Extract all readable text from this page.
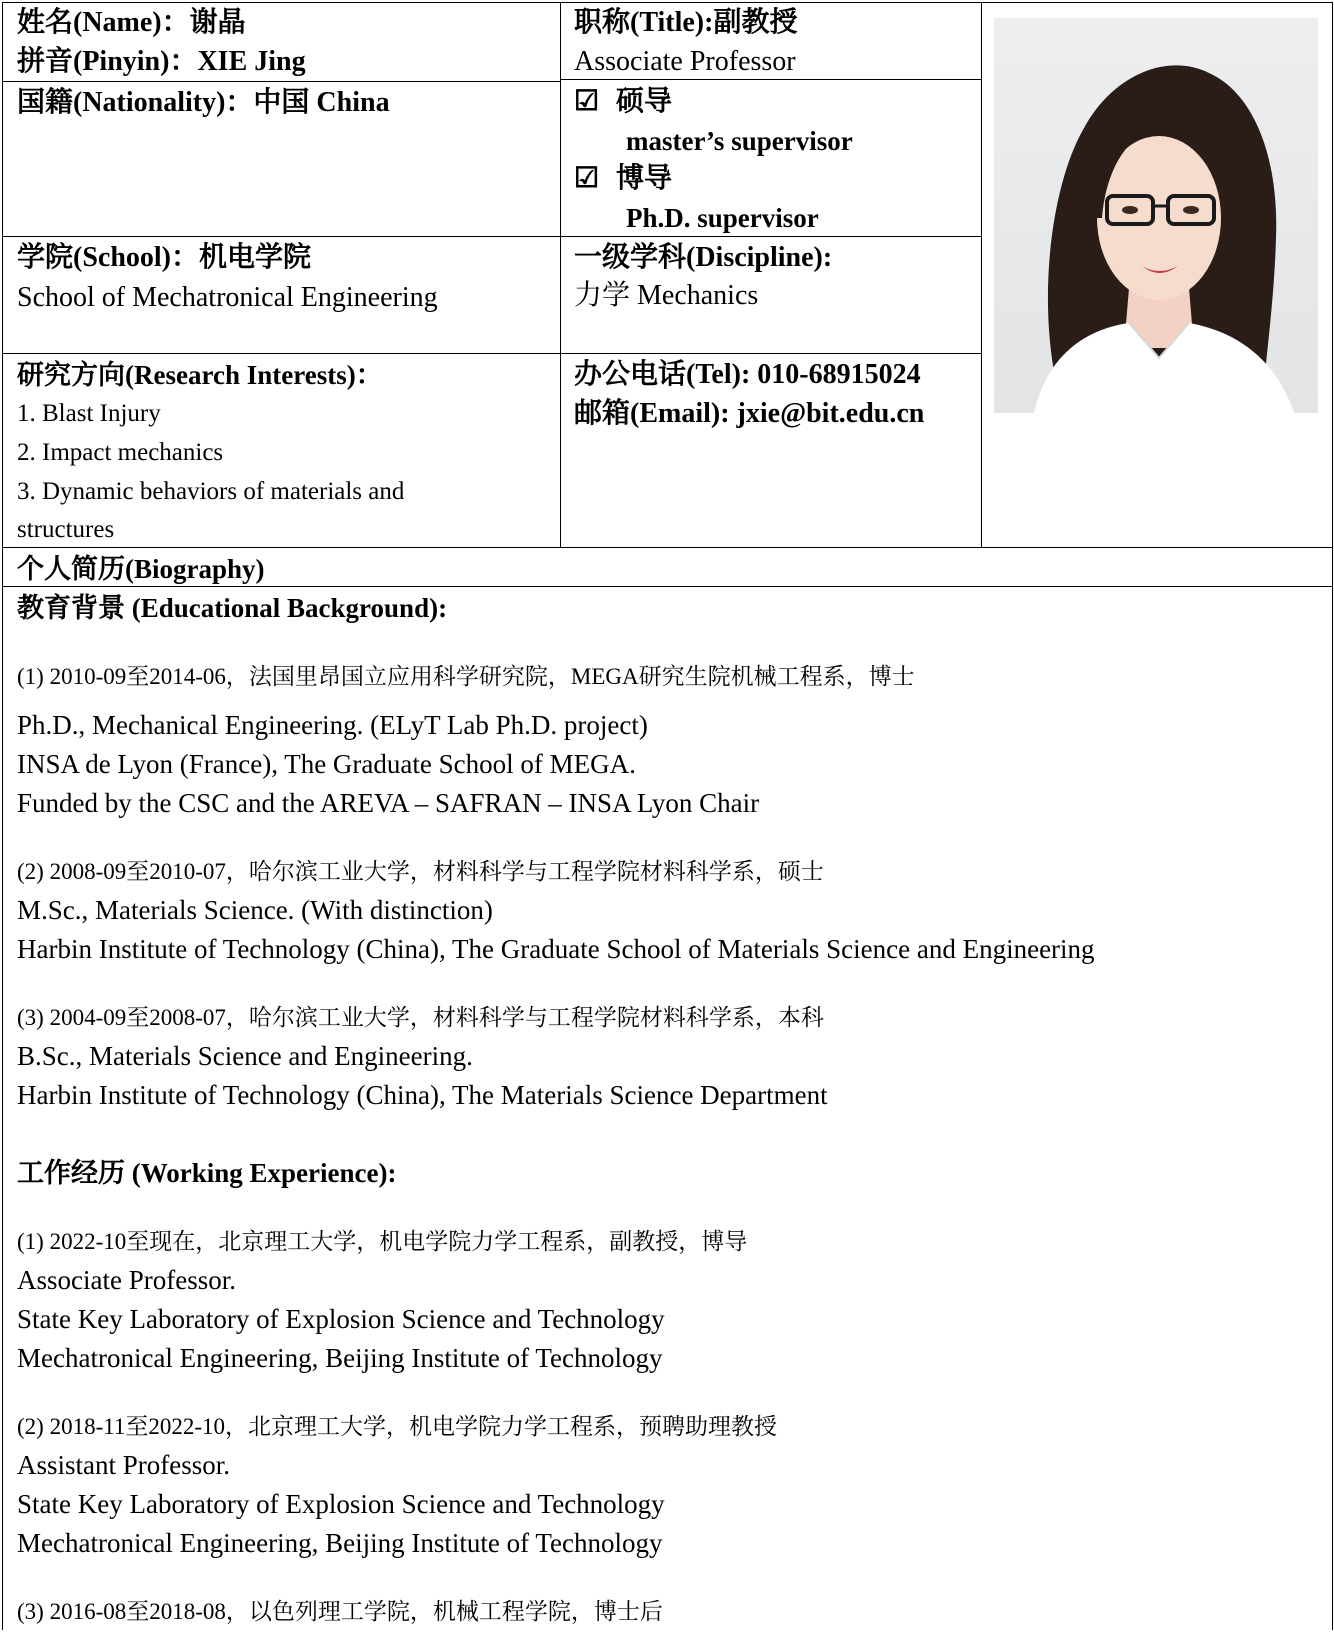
姓名(Name)：谢晶
拼音(Pinyin)：XIE Jing
职称(Title):副教授
Associate Professor
国籍(Nationality)：中国 China	☑ 硕导
master’s supervisor
☑ 博导
Ph.D. supervisor
学院(School)：机电学院
School of Mechatronical Engineering
一级学科(Discipline):
力学 Mechanics
研究方向(Research Interests)：
1. Blast Injury
2. Impact mechanics
3. Dynamic behaviors of materials and
structures
办公电话(Tel): 010-68915024
邮箱(Email): jxie@bit.edu.cn
个人简历(Biography)
教育背景 (Educational Background):
(1) 2010-09至2014-06，法国里昂国立应用科学研究院，MEGA研究生院机械工程系，博士
Ph.D., Mechanical Engineering. (ELyT Lab Ph.D. project)
INSA de Lyon (France), The Graduate School of MEGA.
Funded by the CSC and the AREVA – SAFRAN – INSA Lyon Chair
(2) 2008-09至2010-07，哈尔滨工业大学，材料科学与工程学院材料科学系，硕士
M.Sc., Materials Science. (With distinction)
Harbin Institute of Technology (China), The Graduate School of Materials Science and Engineering
(3) 2004-09至2008-07，哈尔滨工业大学，材料科学与工程学院材料科学系，本科
B.Sc., Materials Science and Engineering.
Harbin Institute of Technology (China), The Materials Science Department
工作经历 (Working Experience):
(1) 2022-10至现在，北京理工大学，机电学院力学工程系，副教授，博导
Associate Professor.
State Key Laboratory of Explosion Science and Technology
Mechatronical Engineering, Beijing Institute of Technology
(2) 2018-11至2022-10，北京理工大学，机电学院力学工程系，预聘助理教授
Assistant Professor.
State Key Laboratory of Explosion Science and Technology
Mechatronical Engineering, Beijing Institute of Technology
(3) 2016-08至2018-08，以色列理工学院，机械工程学院，博士后
